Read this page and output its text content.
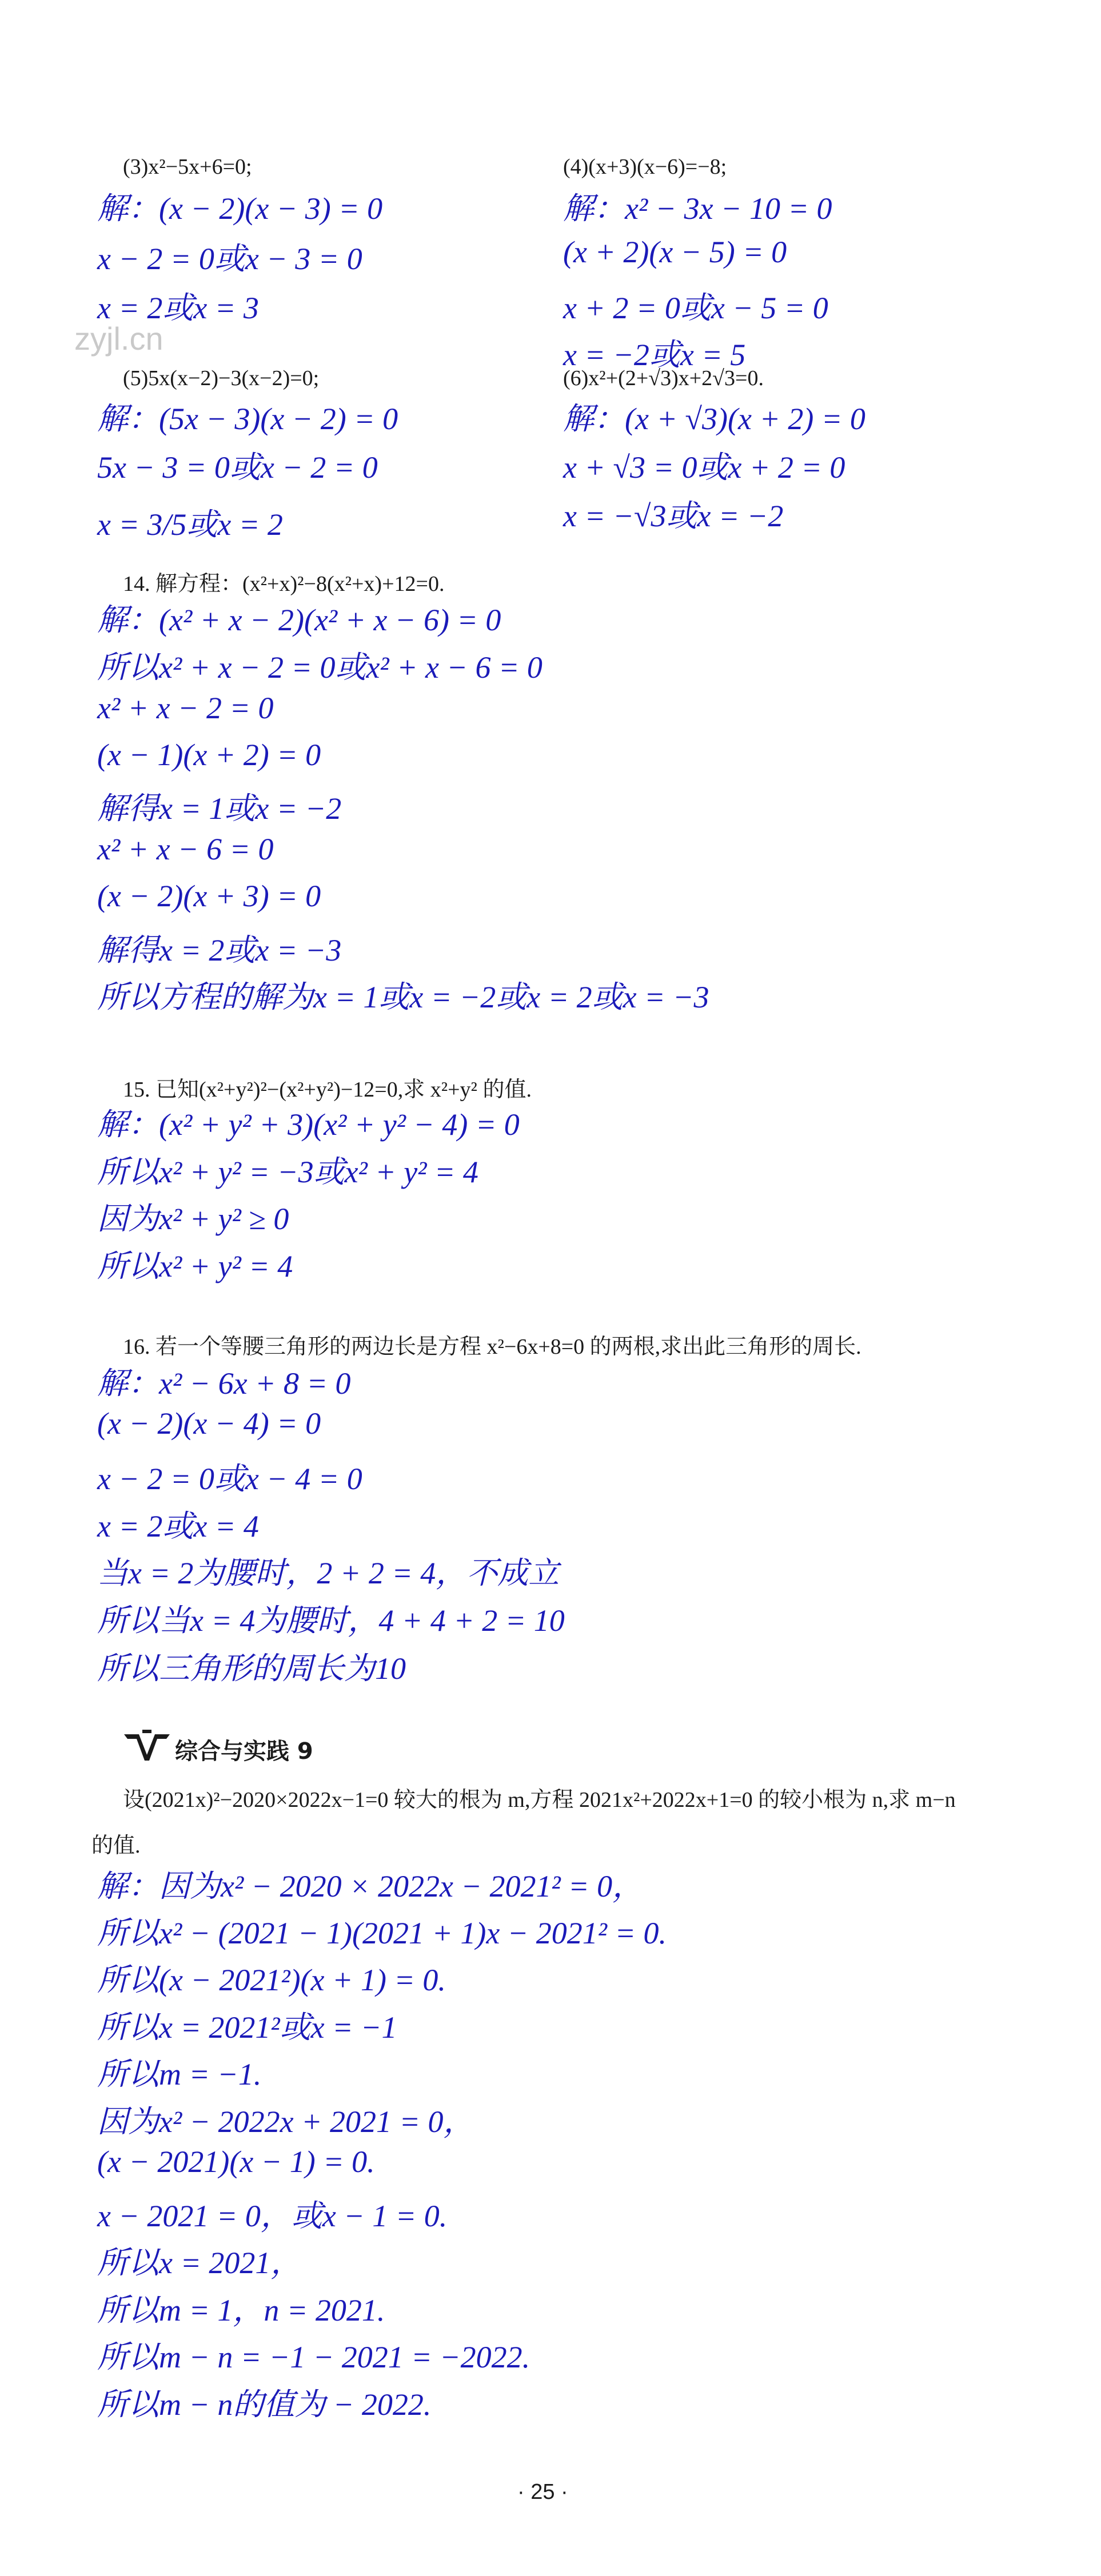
zyjl.cn
(3)x²−5x+6=0;
解：(x − 2)(x − 3) = 0
x − 2 = 0或x − 3 = 0
x = 2或x = 3
(4)(x+3)(x−6)=−8;
解：x² − 3x − 10 = 0
(x + 2)(x − 5) = 0
x + 2 = 0或x − 5 = 0
x = −2或x = 5
(5)5x(x−2)−3(x−2)=0;
解：(5x − 3)(x − 2) = 0
5x − 3 = 0或x − 2 = 0
x = 3/5或x = 2
(6)x²+(2+√3)x+2√3=0.
解：(x + √3)(x + 2) = 0
x + √3 = 0或x + 2 = 0
x = −√3或x = −2
14. 解方程：(x²+x)²−8(x²+x)+12=0.
解：(x² + x − 2)(x² + x − 6) = 0
所以x² + x − 2 = 0或x² + x − 6 = 0
x² + x − 2 = 0
(x − 1)(x + 2) = 0
解得x = 1或x = −2
x² + x − 6 = 0
(x − 2)(x + 3) = 0
解得x = 2或x = −3
所以方程的解为x = 1或x = −2或x = 2或x = −3
15. 已知(x²+y²)²−(x²+y²)−12=0,求 x²+y² 的值.
解：(x² + y² + 3)(x² + y² − 4) = 0
所以x² + y² = −3或x² + y² = 4
因为x² + y² ≥ 0
所以x² + y² = 4
16. 若一个等腰三角形的两边长是方程 x²−6x+8=0 的两根,求出此三角形的周长.
解：x² − 6x + 8 = 0
(x − 2)(x − 4) = 0
x − 2 = 0或x − 4 = 0
x = 2或x = 4
当x = 2为腰时，2 + 2 = 4，不成立
所以当x = 4为腰时，4 + 4 + 2 = 10
所以三角形的周长为10
综合与实践 9
设(2021x)²−2020×2022x−1=0 较大的根为 m,方程 2021x²+2022x+1=0 的较小根为 n,求 m−n
的值.
解：因为x² − 2020 × 2022x − 2021² = 0，
所以x² − (2021 − 1)(2021 + 1)x − 2021² = 0.
所以(x − 2021²)(x + 1) = 0.
所以x = 2021²或x = −1
所以m = −1.
因为x² − 2022x + 2021 = 0，
(x − 2021)(x − 1) = 0.
x − 2021 = 0，或x − 1 = 0.
所以x = 2021，
所以m = 1，n = 2021.
所以m − n = −1 − 2021 = −2022.
所以m − n的值为 − 2022.
· 25 ·
